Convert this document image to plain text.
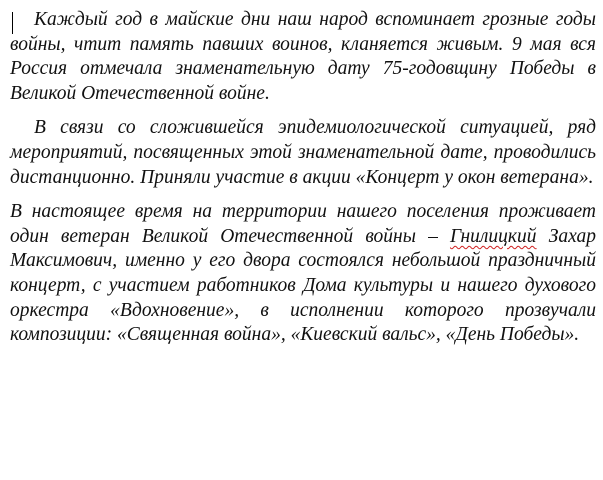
Каждый год в майские дни наш народ вспоминает грозные годы войны, чтит память павших воинов, кланяется живым. 9 мая вся Россия отмечала знаменательную дату 75-годовщину Победы в Великой Отечественной войне.

В связи со сложившейся эпидемиологической ситуацией, ряд мероприятий, посвященных этой знаменательной дате, проводились дистанционно. Приняли участие в акции «Концерт у окон ветерана».

В настоящее время на территории нашего поселения проживает один ветеран Великой Отечественной войны – Гнилицкий Захар Максимович, именно у его двора состоялся небольшой праздничный концерт, с участием работников Дома культуры и нашего духового оркестра «Вдохновение», в исполнении которого прозвучали композиции: «Священная война», «Киевский вальс», «День Победы».
